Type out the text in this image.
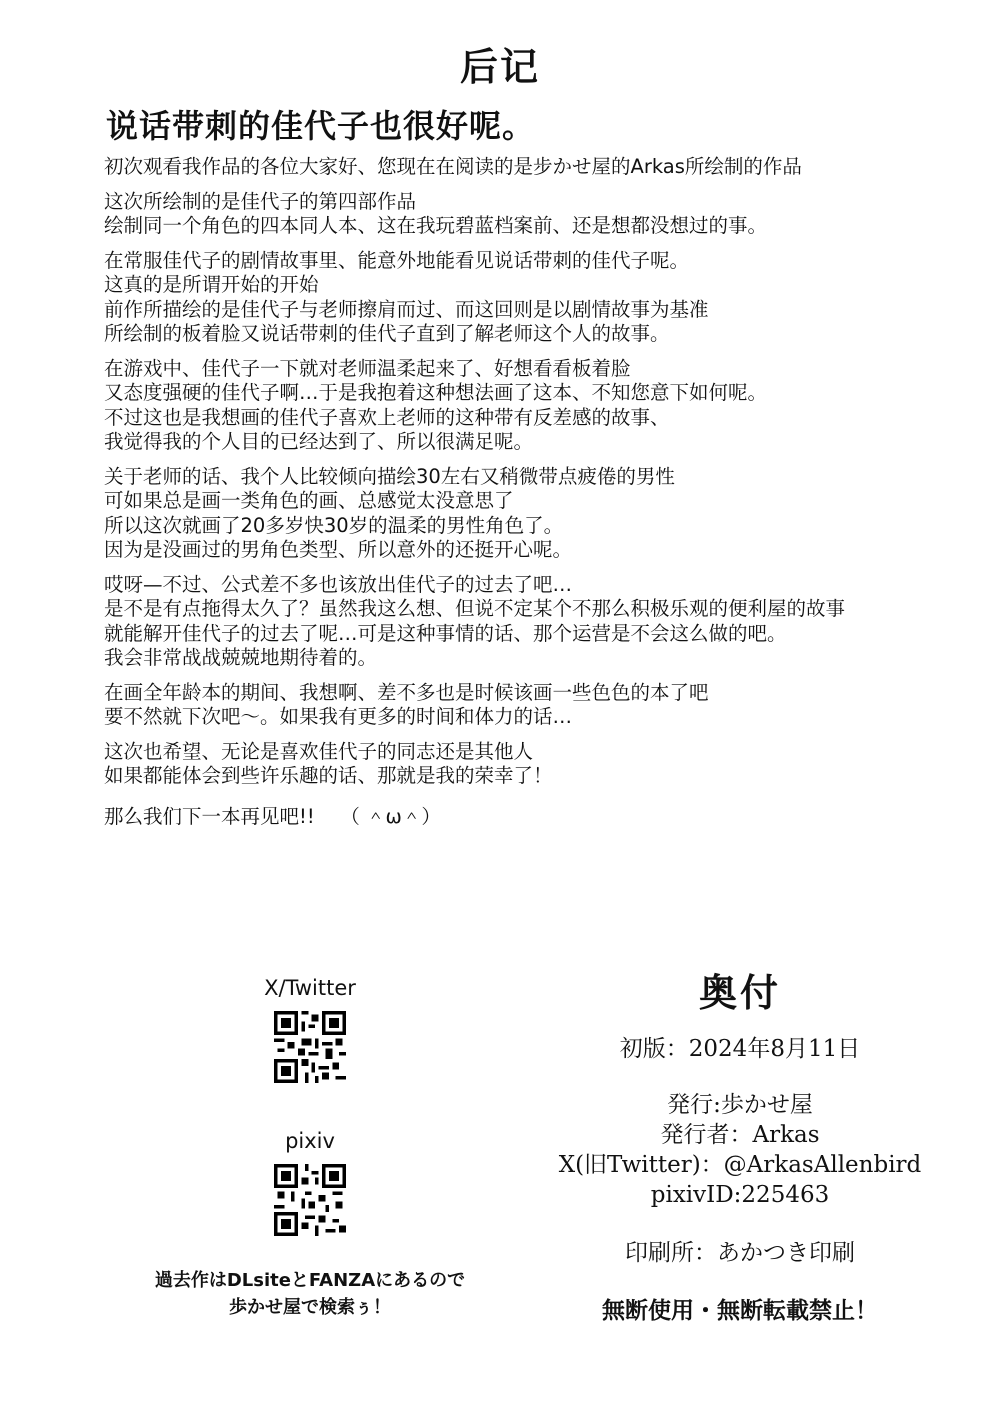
后记
说话带刺的佳代子也很好呢。
初次观看我作品的各位大家好、您现在在阅读的是步かせ屋的Arkas所绘制的作品
这次所绘制的是佳代子的第四部作品
绘制同一个角色的四本同人本、这在我玩碧蓝档案前、还是想都没想过的事。
在常服佳代子的剧情故事里、能意外地能看见说话带刺的佳代子呢。
这真的是所谓开始的开始
前作所描绘的是佳代子与老师擦肩而过、而这回则是以剧情故事为基准
所绘制的板着脸又说话带刺的佳代子直到了解老师这个人的故事。
在游戏中、佳代子一下就对老师温柔起来了、好想看看板着脸
又态度强硬的佳代子啊…于是我抱着这种想法画了这本、不知您意下如何呢。
不过这也是我想画的佳代子喜欢上老师的这种带有反差感的故事、
我觉得我的个人目的已经达到了、所以很满足呢。
关于老师的话、我个人比较倾向描绘30左右又稍微带点疲倦的男性
可如果总是画一类角色的画、总感觉太没意思了
所以这次就画了20多岁快30岁的温柔的男性角色了。
因为是没画过的男角色类型、所以意外的还挺开心呢。
哎呀—不过、公式差不多也该放出佳代子的过去了吧…
是不是有点拖得太久了？虽然我这么想、但说不定某个不那么积极乐观的便利屋的故事
就能解开佳代子的过去了呢…可是这种事情的话、那个运营是不会这么做的吧。
我会非常战战兢兢地期待着的。
在画全年龄本的期间、我想啊、差不多也是时候该画一些色色的本了吧
要不然就下次吧〜。如果我有更多的时间和体力的话…
这次也希望、无论是喜欢佳代子的同志还是其他人
如果都能体会到些许乐趣的话、那就是我的荣幸了！
那么我们下一本再见吧!!　 （ ＾ω＾）
X/Twitter
pixiv
過去作はDLsiteとFANZAにあるので
歩かせ屋で検索ぅ！
奥付
初版：2024年8月11日
発行:歩かせ屋
発行者：Arkas
X(旧Twitter)：@ArkasAllenbird
pixivID:225463
印刷所：あかつき印刷
無断使用・無断転載禁止！
